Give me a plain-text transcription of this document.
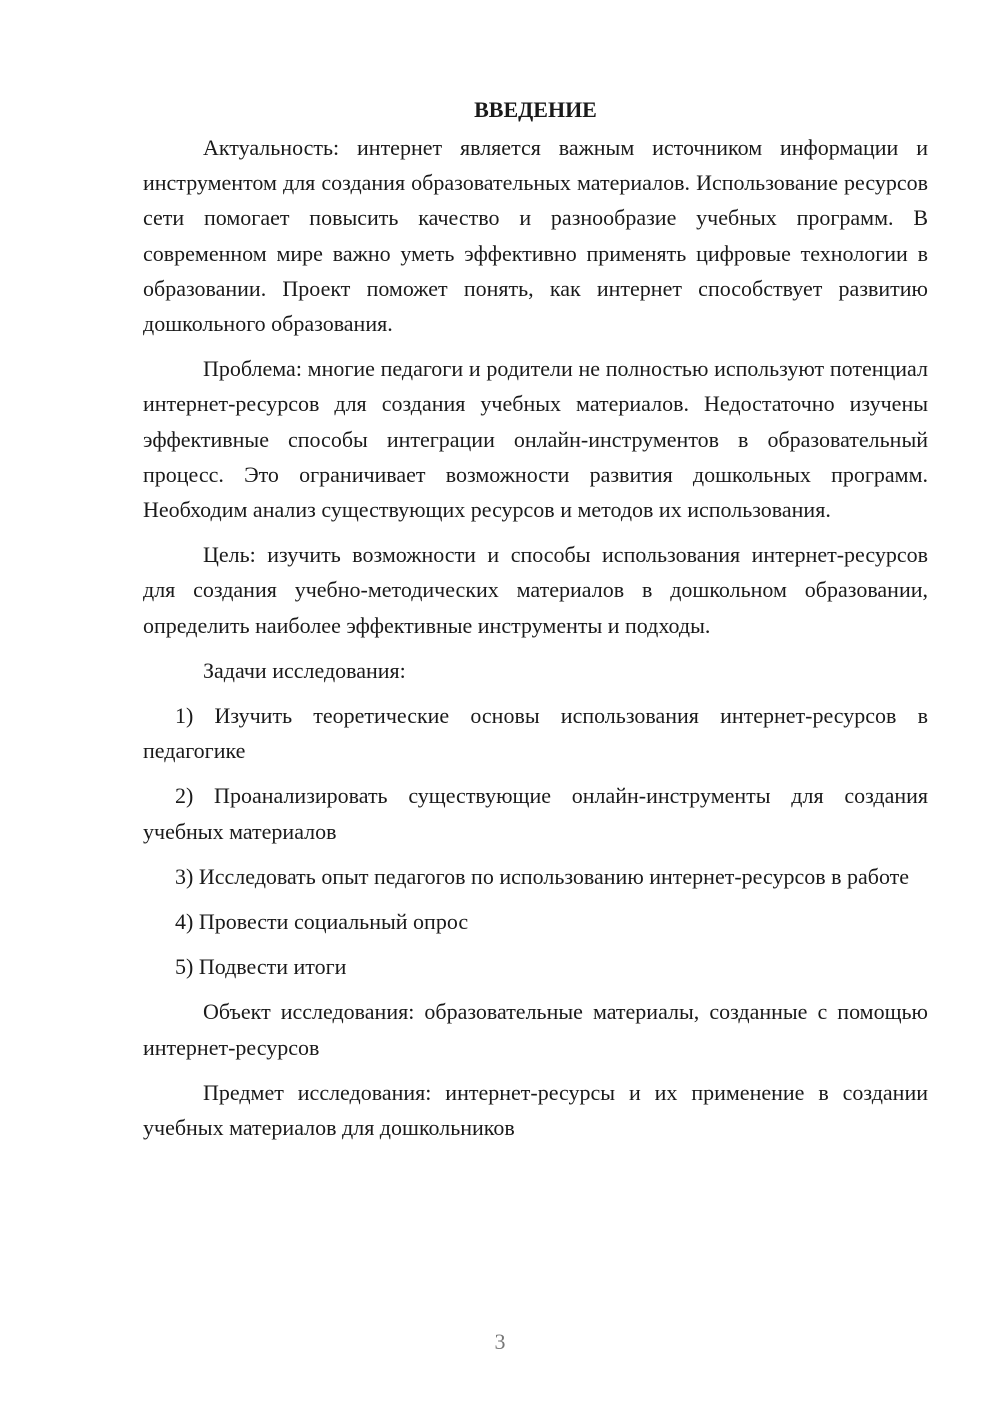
ВВЕДЕНИЕ

Актуальность: интернет является важным источником информации и инструментом для создания образовательных материалов. Использование ресурсов сети помогает повысить качество и разнообразие учебных программ. В современном мире важно уметь эффективно применять цифровые технологии в образовании. Проект поможет понять, как интернет способствует развитию дошкольного образования.

Проблема: многие педагоги и родители не полностью используют потенциал интернет-ресурсов для создания учебных материалов. Недостаточно изучены эффективные способы интеграции онлайн-инструментов в образовательный процесс. Это ограничивает возможности развития дошкольных программ. Необходим анализ существующих ресурсов и методов их использования.

Цель: изучить возможности и способы использования интернет-ресурсов для создания учебно-методических материалов в дошкольном образовании, определить наиболее эффективные инструменты и подходы.

Задачи исследования:

1) Изучить теоретические основы использования интернет-ресурсов в педагогике

2) Проанализировать существующие онлайн-инструменты для создания учебных материалов

3) Исследовать опыт педагогов по использованию интернет-ресурсов в работе

4) Провести социальный опрос

5) Подвести итоги

Объект исследования: образовательные материалы, созданные с помощью интернет-ресурсов

Предмет исследования: интернет-ресурсы и их применение в создании учебных материалов для дошкольников

3
